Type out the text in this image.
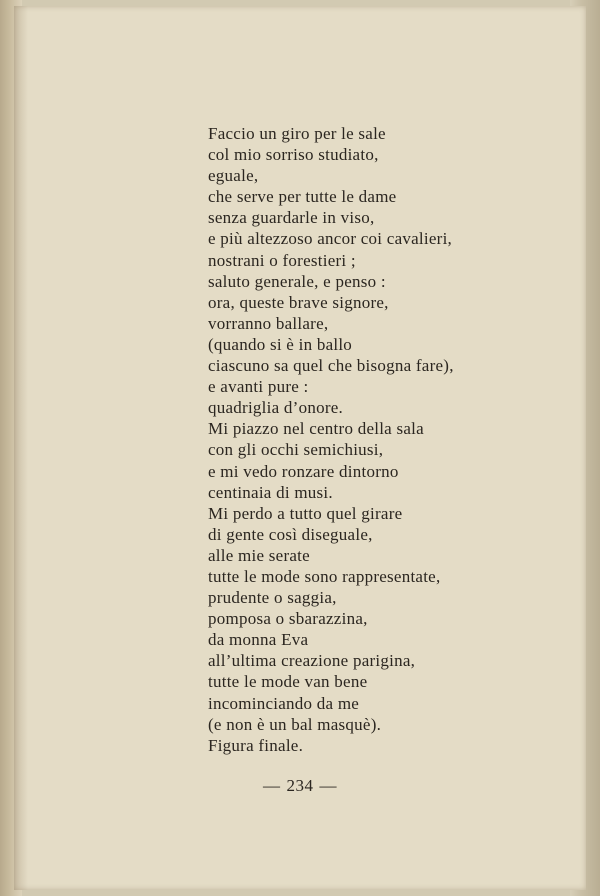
Faccio un giro per le sale
col mio sorriso studiato,
eguale,
che serve per tutte le dame
senza guardarle in viso,
e più altezzoso ancor coi cavalieri,
nostrani o forestieri ;
saluto generale, e penso :
ora, queste brave signore,
vorranno ballare,
(quando si è in ballo
ciascuno sa quel che bisogna fare),
e avanti pure :
quadriglia d’onore.
Mi piazzo nel centro della sala
con gli occhi semichiusi,
e mi vedo ronzare dintorno
centinaia di musi.
Mi perdo a tutto quel girare
di gente così diseguale,
alle mie serate
tutte le mode sono rappresentate,
prudente o saggia,
pomposa o sbarazzina,
da monna Eva
all’ultima creazione parigina,
tutte le mode van bene
incominciando da me
(e non è un bal masquè).
Figura finale.
— 234 —
